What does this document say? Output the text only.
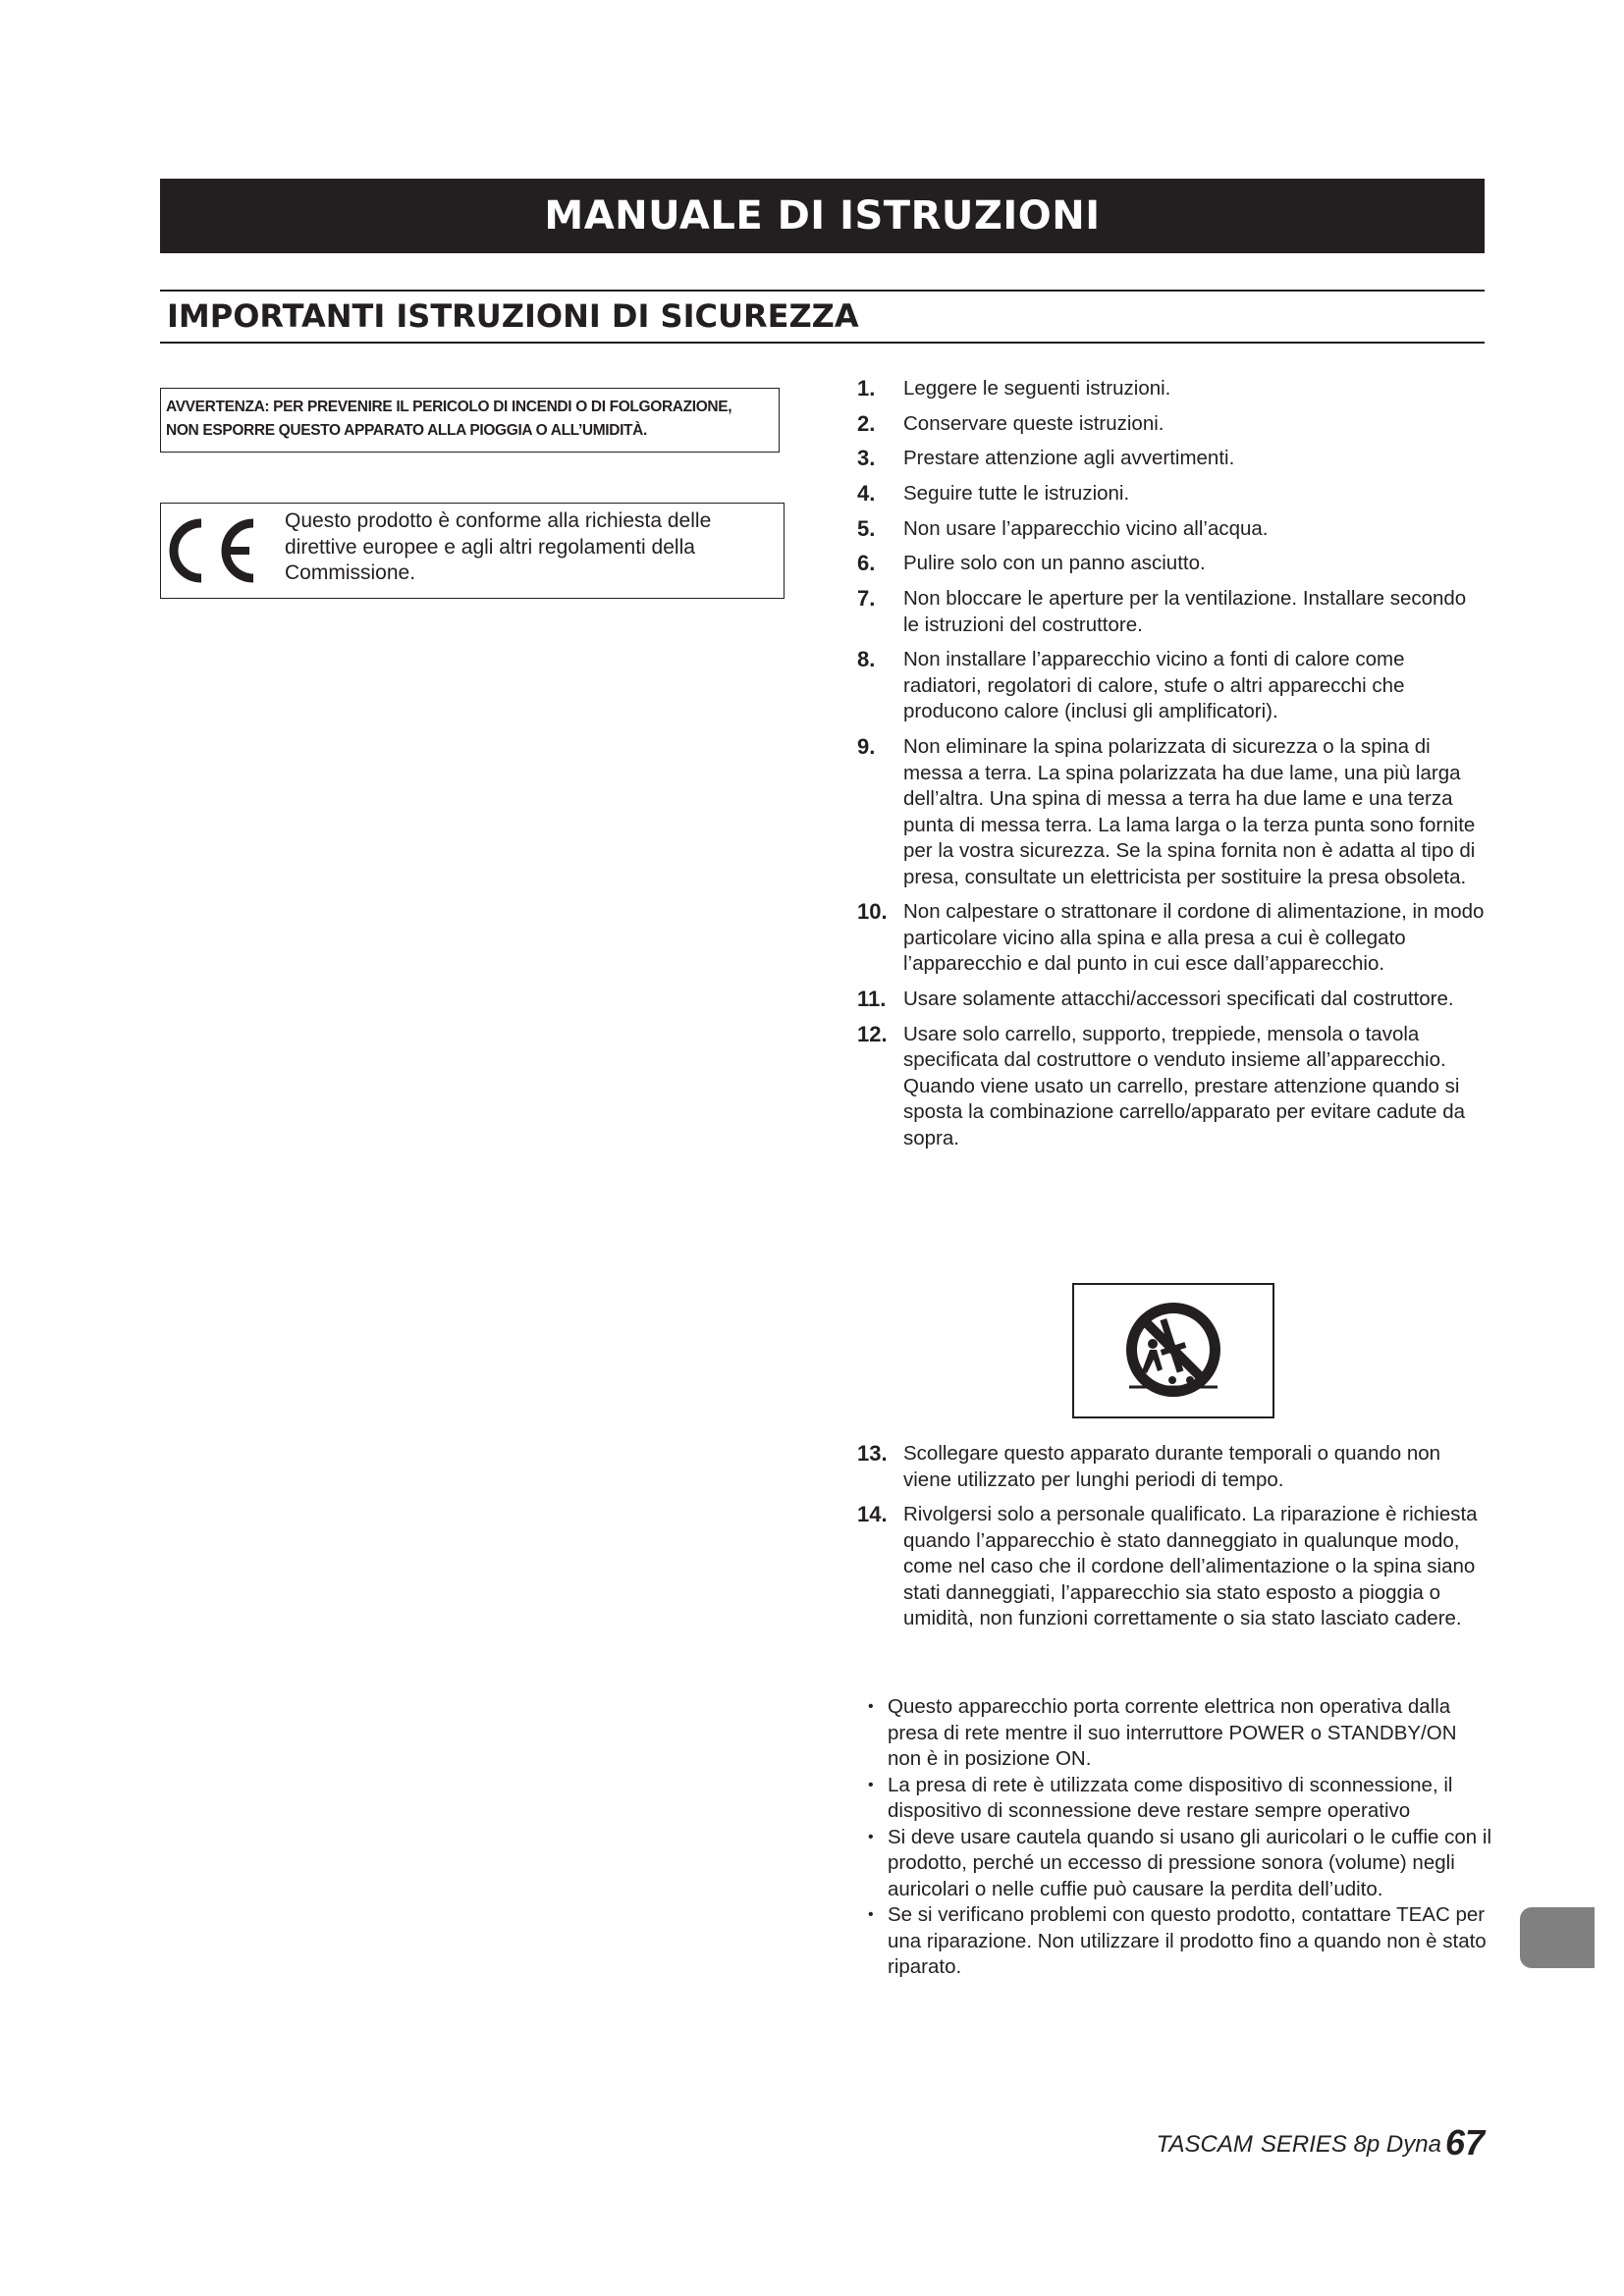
MANUALE DI ISTRUZIONI
IMPORTANTI ISTRUZIONI DI SICUREZZA
AVVERTENZA: PER PREVENIRE IL PERICOLO DI INCENDI O DI FOLGORAZIONE,
NON ESPORRE QUESTO APPARATO ALLA PIOGGIA O ALL’UMIDITÀ.
Questo prodotto è conforme alla richiesta delle direttive europee e agli altri regolamenti della Commissione.
1.	Leggere le seguenti istruzioni.
2.	Conservare queste istruzioni.
3.	Prestare attenzione agli avvertimenti.
4.	Seguire tutte le istruzioni.
5.	Non usare l’apparecchio vicino all’acqua.
6.	Pulire solo con un panno asciutto.
7.	Non bloccare le aperture per la ventilazione. Installare secondo le istruzioni del costruttore.
8.	Non installare l’apparecchio vicino a fonti di calore come radiatori, regolatori di calore, stufe o altri apparecchi che producono calore (inclusi gli amplificatori).
9.	Non eliminare la spina polarizzata di sicurezza o la spina di messa a terra. La spina polarizzata ha due lame, una più larga dell’altra. Una spina di messa a terra ha due lame e una terza punta di messa terra. La lama larga o la terza punta sono fornite per la vostra sicurezza. Se la spina fornita non è adatta al tipo di presa, consultate un elettricista per sostituire la presa obsoleta.
10. Non calpestare o strattonare il cordone di alimentazione, in modo particolare vicino alla spina e alla presa a cui è collegato l’apparecchio e dal punto in cui esce dall’apparecchio.
11. Usare solamente attacchi/accessori specificati dal costruttore.
12. Usare solo carrello, supporto, treppiede, mensola o tavola specificata dal costruttore o venduto insieme all’apparecchio. Quando viene usato un carrello, prestare attenzione quando si sposta la combinazione carrello/apparato per evitare cadute da sopra.
13. Scollegare questo apparato durante temporali o quando non viene utilizzato per lunghi periodi di tempo.
14. Rivolgersi solo a personale qualificato. La riparazione è richiesta quando l’apparecchio è stato danneggiato in qualunque modo, come nel caso che il cordone dell’alimentazione o la spina siano stati danneggiati, l’apparecchio sia stato esposto a pioggia o umidità, non funzioni correttamente o sia stato lasciato cadere.
• Questo apparecchio porta corrente elettrica non operativa dalla presa di rete mentre il suo interruttore POWER o STANDBY/ON non è in posizione ON.
• La presa di rete è utilizzata come dispositivo di sconnessione, il dispositivo di sconnessione deve restare sempre operativo
• Si deve usare cautela quando si usano gli auricolari o le cuffie con il prodotto, perché un eccesso di pressione sonora (volume) negli auricolari o nelle cuffie può causare la perdita dell’udito.
• Se si verificano problemi con questo prodotto, contattare TEAC per una riparazione. Non utilizzare il prodotto fino a quando non è stato riparato.
TASCAM SERIES 8p Dyna 67
